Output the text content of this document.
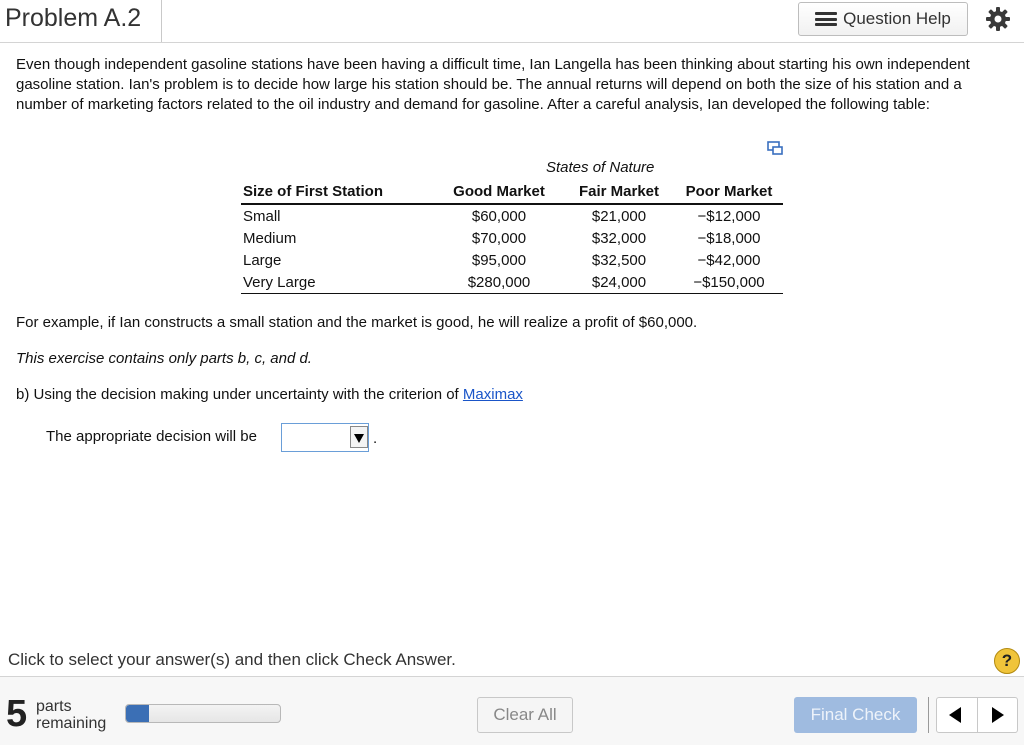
Problem A.2	Question Help
Even though independent gasoline stations have been having a difficult time, Ian Langella has been thinking about starting his own independent gasoline station. Ian's problem is to decide how large his station should be. The annual returns will depend on both the size of his station and a number of marketing factors related to the oil industry and demand for gasoline. After a careful analysis, Ian developed the following table:
States of Nature
Size of First Station	Good Market	Fair Market	Poor Market
Small	$60,000	$21,000	−$12,000
Medium	$70,000	$32,000	−$18,000
Large	$95,000	$32,500	−$42,000
Very Large	$280,000	$24,000	−$150,000
For example, if Ian constructs a small station and the market is good, he will realize a profit of $60,000.
This exercise contains only parts b, c, and d.
b) Using the decision making under uncertainty with the criterion of Maximax
The appropriate decision will be	.
Click to select your answer(s) and then click Check Answer.	?
5 parts
remaining	Clear All	Final Check
